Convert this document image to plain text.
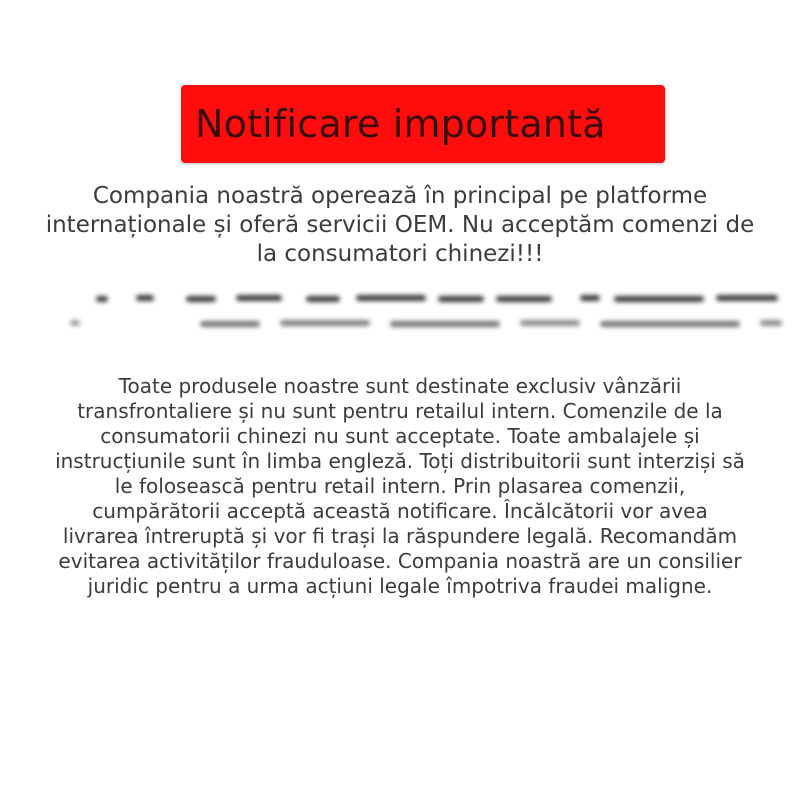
Notificare importantă

Compania noastră operează în principal pe platforme
internaționale și oferă servicii OEM. Nu acceptăm comenzi de
la consumatori chinezi!!!

Toate produsele noastre sunt destinate exclusiv vânzării
transfrontaliere și nu sunt pentru retailul intern. Comenzile de la
consumatorii chinezi nu sunt acceptate. Toate ambalajele și
instrucțiunile sunt în limba engleză. Toți distribuitorii sunt interziși să
le folosească pentru retail intern. Prin plasarea comenzii,
cumpărătorii acceptă această notificare. Încălcătorii vor avea
livrarea întreruptă și vor fi trași la răspundere legală. Recomandăm
evitarea activităților frauduloase. Compania noastră are un consilier
juridic pentru a urma acțiuni legale împotriva fraudei maligne.
